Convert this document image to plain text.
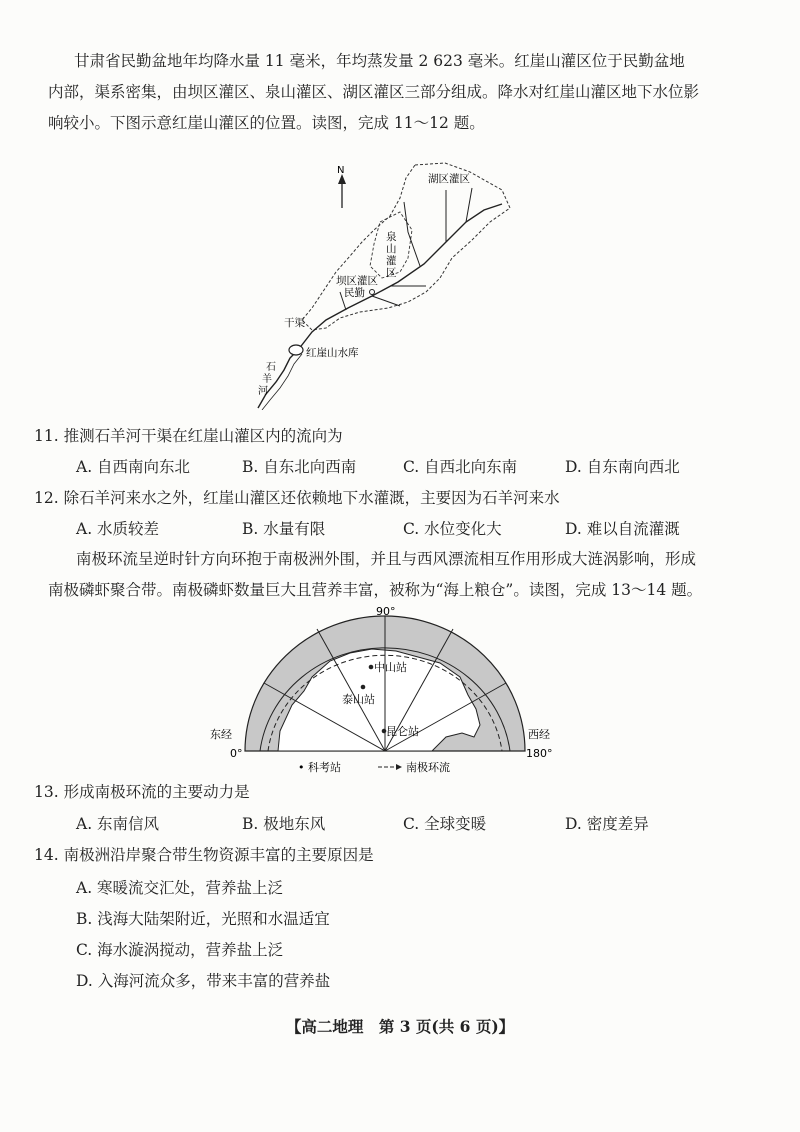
甘肃省民勤盆地年均降水量 11 毫米，年均蒸发量 2 623 毫米。红崖山灌区位于民勤盆地
内部，渠系密集，由坝区灌区、泉山灌区、湖区灌区三部分组成。降水对红崖山灌区地下水位影
响较小。下图示意红崖山灌区的位置。读图，完成 11～12 题。
N
湖区灌区
泉
山
灌
区
坝区灌区
民勤
干渠
红崖山水库
石
羊
河
11. 推测石羊河干渠在红崖山灌区内的流向为
A. 自西南向东北	B. 自东北向西南	C. 自西北向东南	D. 自东南向西北
12. 除石羊河来水之外，红崖山灌区还依赖地下水灌溉，主要因为石羊河来水
A. 水质较差	B. 水量有限	C. 水位变化大	D. 难以自流灌溉
南极环流呈逆时针方向环抱于南极洲外围，并且与西风漂流相互作用形成大涟涡影响，形成
南极磷虾聚合带。南极磷虾数量巨大且营养丰富，被称为“海上粮仓”。读图，完成 13～14 题。
90°
中山站
泰山站
昆仑站
东经
0°
西经
180°
• 科考站	南极环流
13. 形成南极环流的主要动力是
A. 东南信风	B. 极地东风	C. 全球变暖	D. 密度差异
14. 南极洲沿岸聚合带生物资源丰富的主要原因是
A. 寒暖流交汇处，营养盐上泛
B. 浅海大陆架附近，光照和水温适宜
C. 海水漩涡搅动，营养盐上泛
D. 入海河流众多，带来丰富的营养盐
【高二地理　第 3 页(共 6 页)】
